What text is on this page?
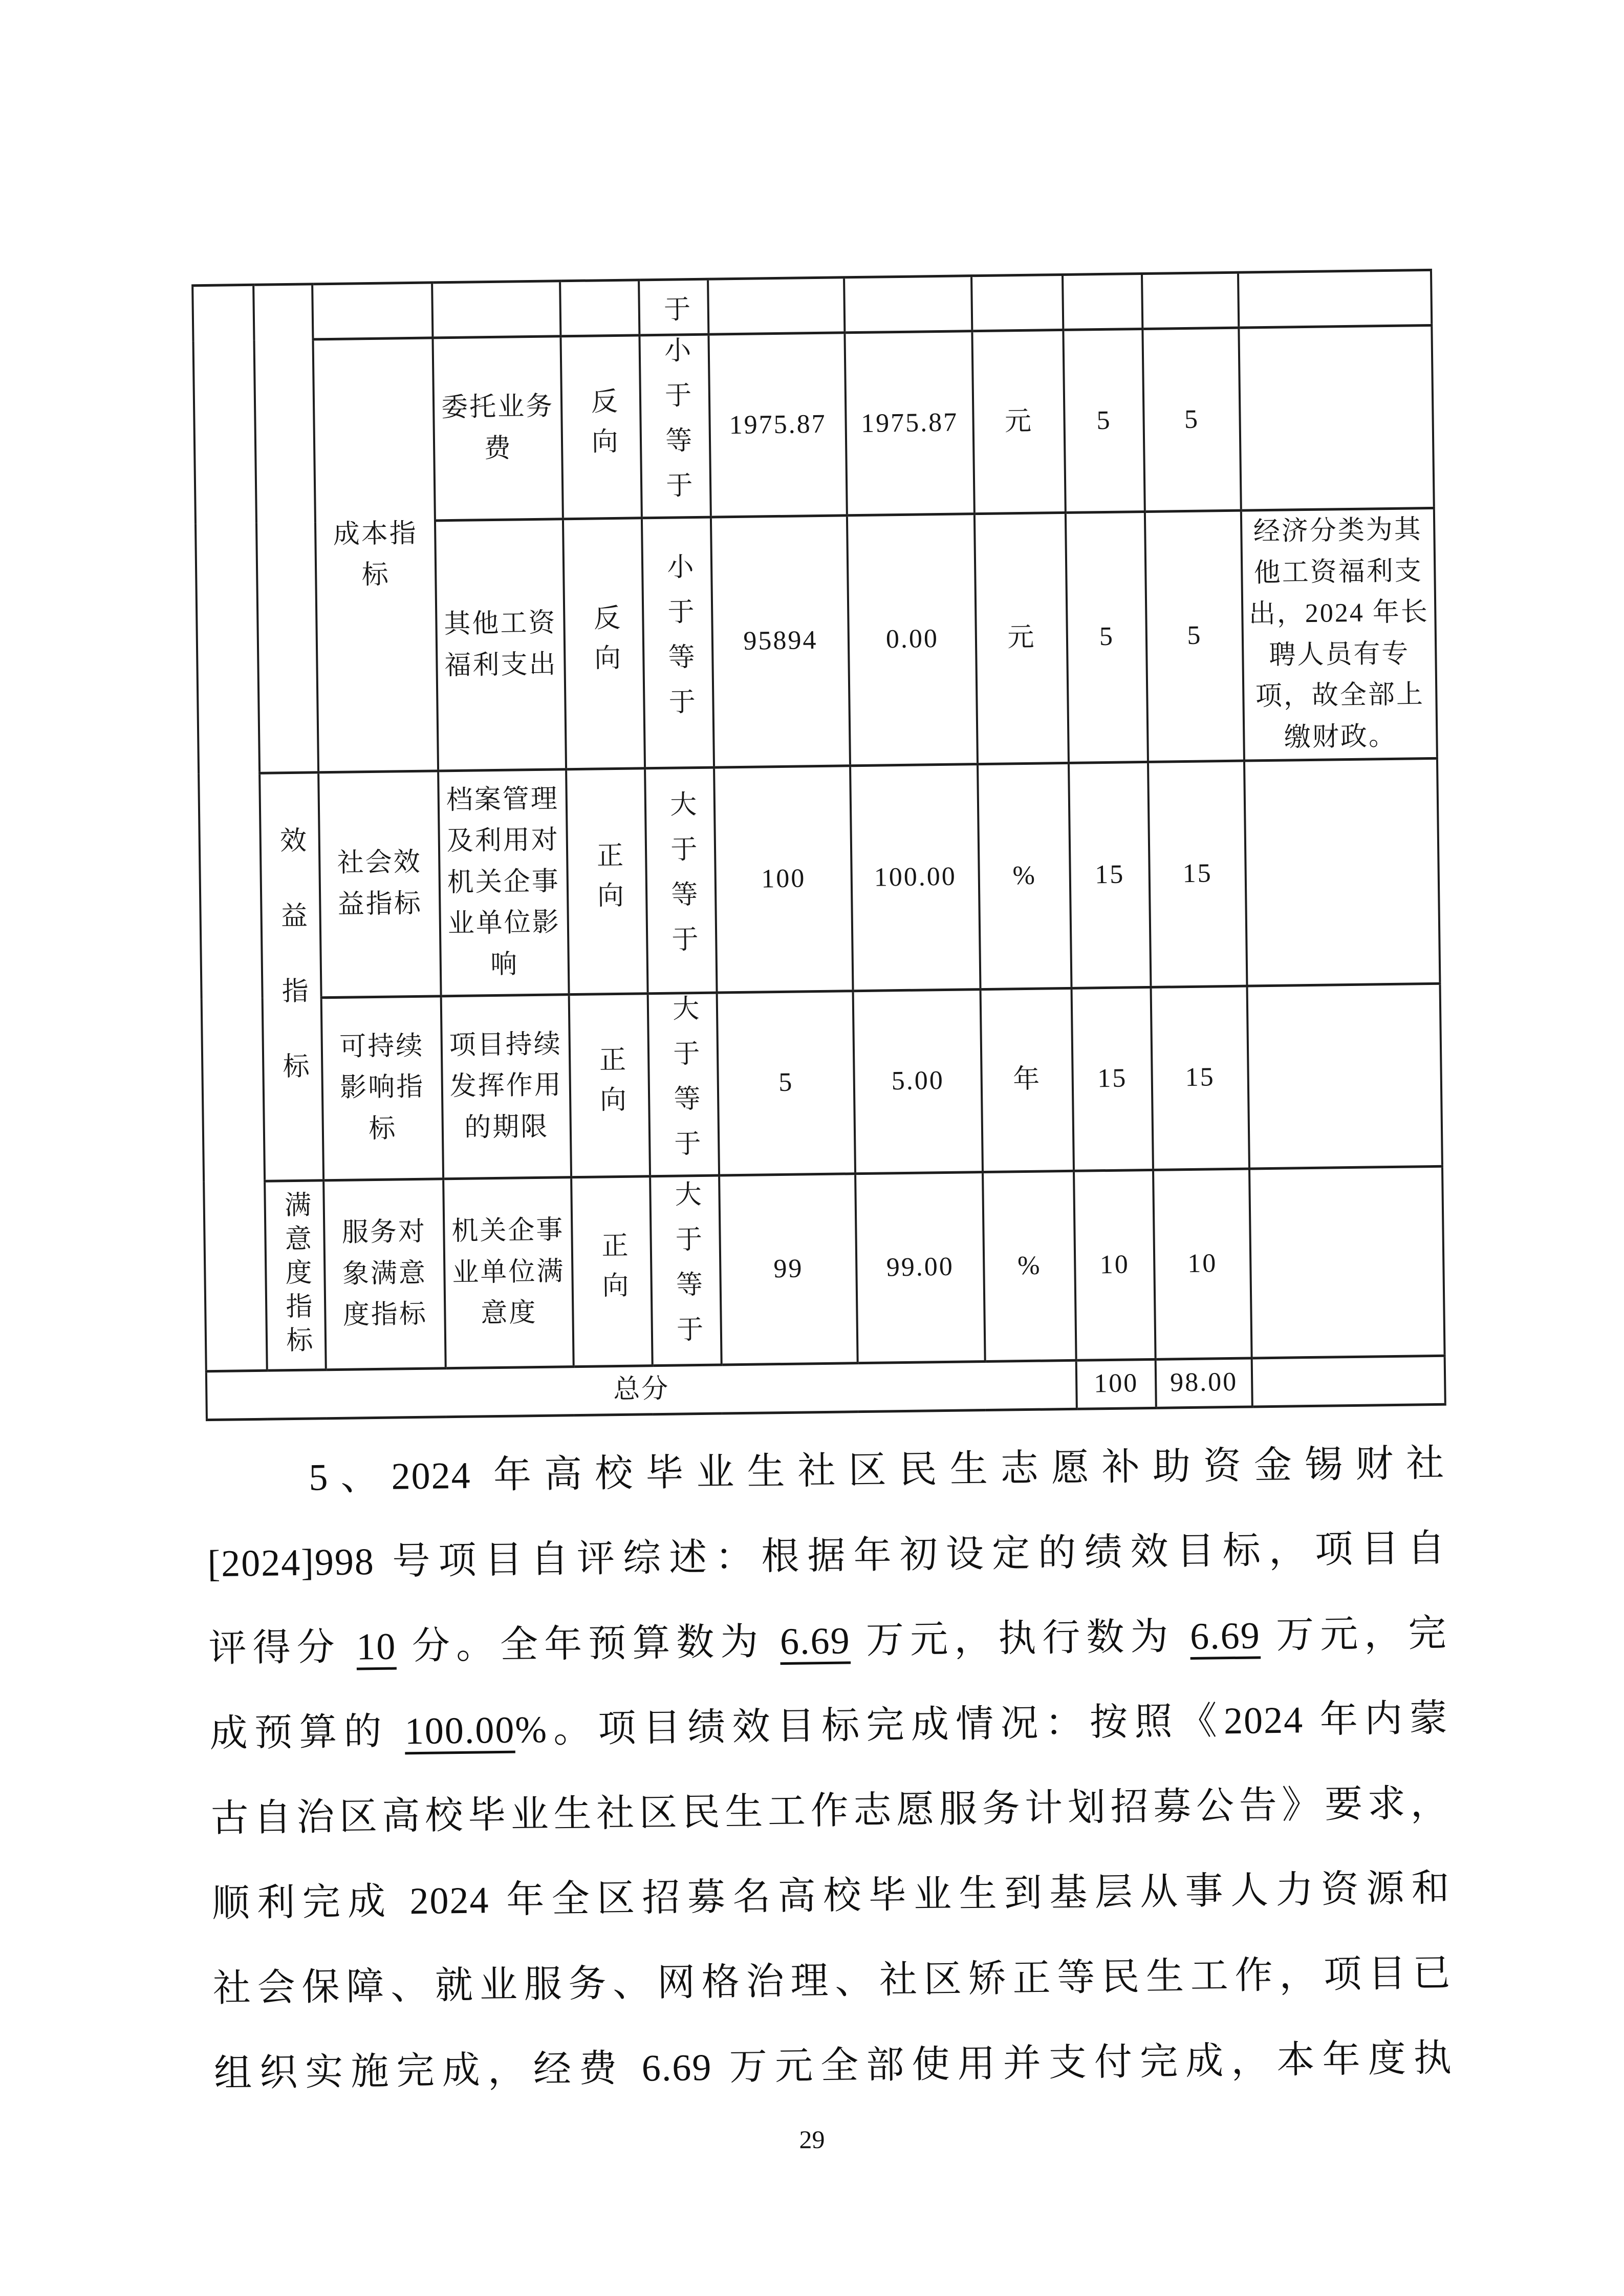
					于						
		成本指标	委托业务费	反向	小于等于	1975.87	1975.87	元	5	5	
			其他工资福利支出	反向	小于等于	95894	0.00	元	5	5	经济分类为其他工资福利支出，2024 年长聘人员有专项，故全部上缴财政。
	效益指标	社会效益指标	档案管理及利用对机关企事业单位影响	正向	大于等于	100	100.00	%	15	15	
		可持续影响指标	项目持续发挥作用的期限	正向	大于等于	5	5.00	年	15	15	
	满意度指标	服务对象满意度指标	机关企事业单位满意度	正向	大于等于	99	99.00	%	10	10	
总分									100	98.00	
5、2024 年高校毕业生社区民生志愿补助资金锡财社
[2024]998 号项目自评综述：根据年初设定的绩效目标，项目自
评得分 10 分。全年预算数为 6.69 万元，执行数为 6.69 万元，完
成预算的 100.00%。项目绩效目标完成情况：按照《2024 年内蒙
古自治区高校毕业生社区民生工作志愿服务计划招募公告》要求，
顺利完成 2024 年全区招募名高校毕业生到基层从事人力资源和
社会保障、就业服务、网格治理、社区矫正等民生工作，项目已
组织实施完成，经费 6.69 万元全部使用并支付完成，本年度执
29
